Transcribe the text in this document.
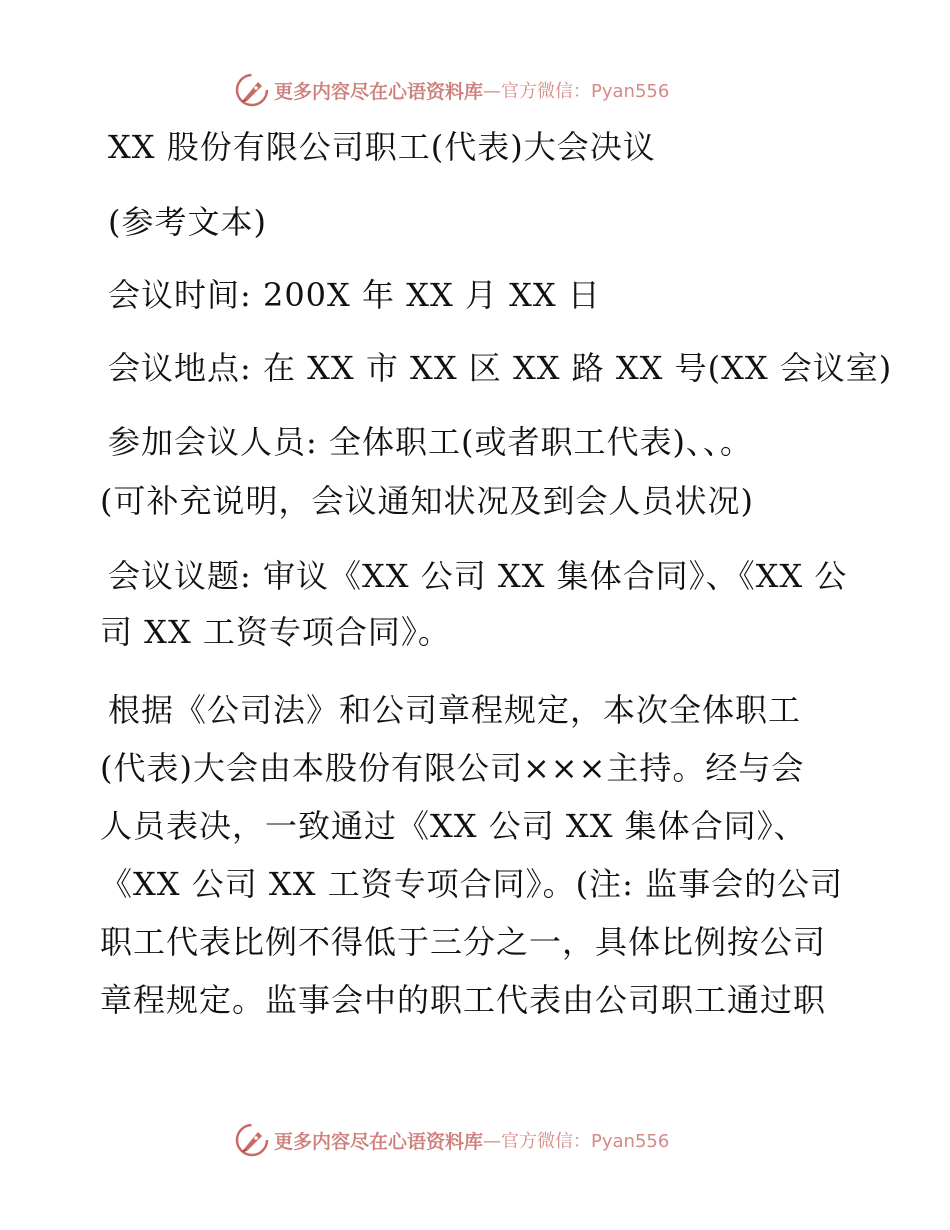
更多内容尽在心语资料库 —官方微信：Pyan556
XX 股份有限公司职工(代表)大会决议
(参考文本)
会议时间: 200X 年 XX 月 XX 日
会议地点: 在 XX 市 XX 区 XX 路 XX 号(XX 会议室)
参加会议人员: 全体职工(或者职工代表)、、。
(可补充说明，会议通知状况及到会人员状况)
会议议题: 审议《XX 公司 XX 集体合同》、《XX 公
司 XX 工资专项合同》。
根据《公司法》和公司章程规定，本次全体职工
(代表)大会由本股份有限公司×××主持。经与会
人员表决，一致通过《XX 公司 XX 集体合同》、
《XX 公司 XX 工资专项合同》。(注: 监事会的公司
职工代表比例不得低于三分之一，具体比例按公司
章程规定。监事会中的职工代表由公司职工通过职
更多内容尽在心语资料库 —官方微信：Pyan556
